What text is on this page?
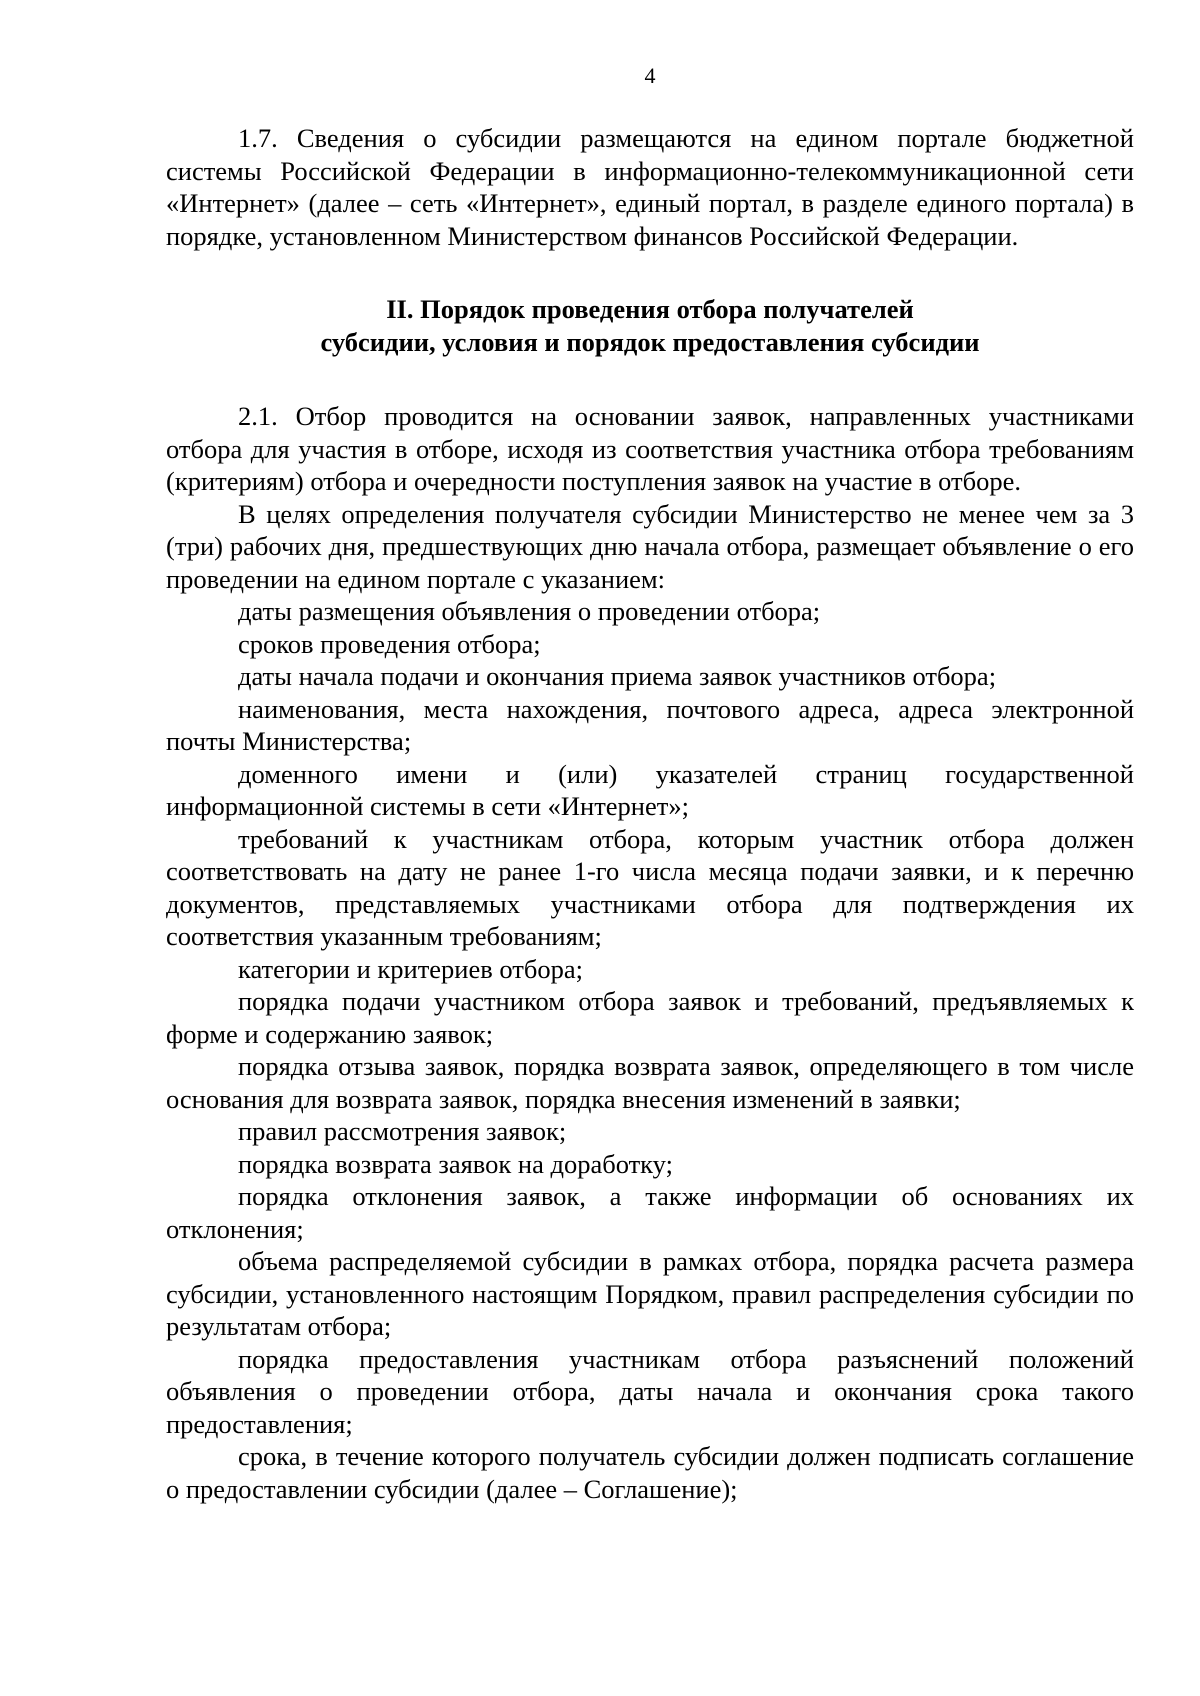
4

1.7. Сведения о субсидии размещаются на едином портале бюджетной системы Российской Федерации в информационно-телекоммуникационной сети «Интернет» (далее – сеть «Интернет», единый портал, в разделе единого портала) в порядке, установленном Министерством финансов Российской Федерации.

II. Порядок проведения отбора получателей
субсидии, условия и порядок предоставления субсидии

2.1. Отбор проводится на основании заявок, направленных участниками отбора для участия в отборе, исходя из соответствия участника отбора требованиям (критериям) отбора и очередности поступления заявок на участие в отборе.

В целях определения получателя субсидии Министерство не менее чем за 3 (три) рабочих дня, предшествующих дню начала отбора, размещает объявление о его проведении на едином портале с указанием:

даты размещения объявления о проведении отбора;

сроков проведения отбора;

даты начала подачи и окончания приема заявок участников отбора;

наименования, места нахождения, почтового адреса, адреса электронной почты Министерства;

доменного имени и (или) указателей страниц государственной информационной системы в сети «Интернет»;

требований к участникам отбора, которым участник отбора должен соответствовать на дату не ранее 1-го числа месяца подачи заявки, и к перечню документов, представляемых участниками отбора для подтверждения их соответствия указанным требованиям;

категории и критериев отбора;

порядка подачи участником отбора заявок и требований, предъявляемых к форме и содержанию заявок;

порядка отзыва заявок, порядка возврата заявок, определяющего в том числе основания для возврата заявок, порядка внесения изменений в заявки;

правил рассмотрения заявок;

порядка возврата заявок на доработку;

порядка отклонения заявок, а также информации об основаниях их отклонения;

объема распределяемой субсидии в рамках отбора, порядка расчета размера субсидии, установленного настоящим Порядком, правил распределения субсидии по результатам отбора;

порядка предоставления участникам отбора разъяснений положений объявления о проведении отбора, даты начала и окончания срока такого предоставления;

срока, в течение которого получатель субсидии должен подписать соглашение о предоставлении субсидии (далее – Соглашение);
